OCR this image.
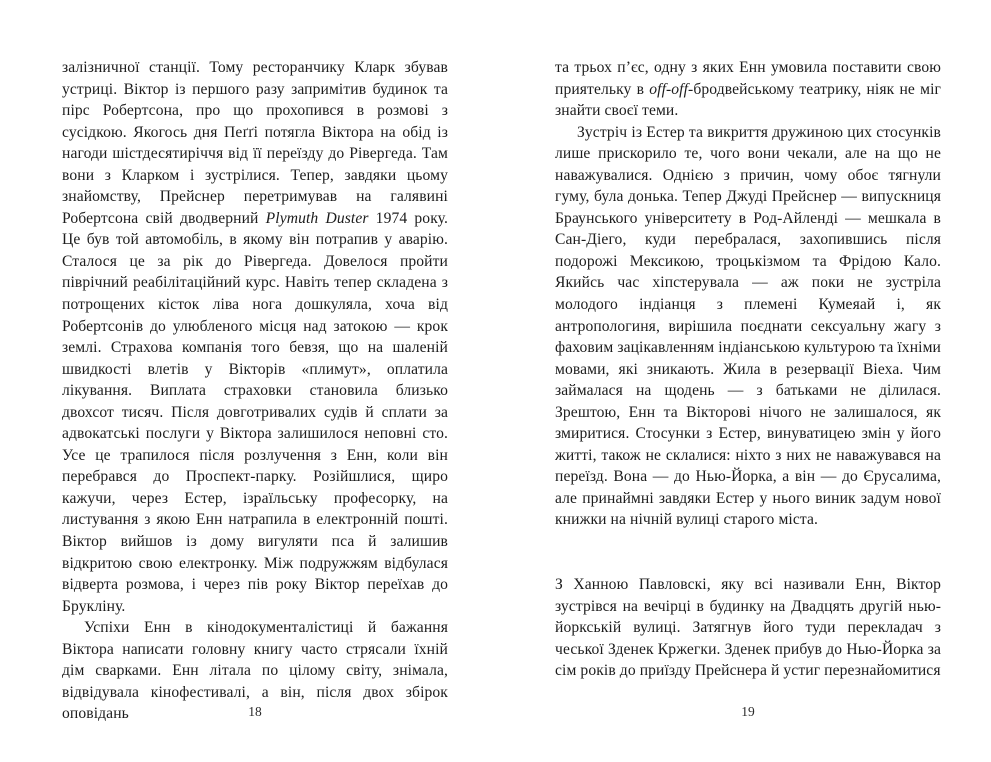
залізничної станції. Тому ресторанчику Кларк збував устриці. Віктор із першого разу запримітив будинок та пірс Робертсона, про що прохопився в розмові з сусідкою. Якогось дня Пеґґі потягла Віктора на обід із нагоди шістдесятиріччя від її переїзду до Рівергеда. Там вони з Кларком і зустрілися. Тепер, завдяки цьому знайомству, Прейснер перетримував на галявині Робертсона свій дводверний Plymuth Duster 1974 року. Це був той автомобіль, в якому він потрапив у аварію. Сталося це за рік до Рівергеда. Довелося пройти піврічний реабілітаційний курс. Навіть тепер складена з потрощених кісток ліва нога дошкуляла, хоча від Робертсонів до улюбленого місця над затокою — крок землі. Страхова компанія того бевзя, що на шаленій швидкості влетів у Вікторів «плимут», оплатила лікування. Виплата страховки становила близько двохсот тисяч. Після довготривалих судів й сплати за адвокатські послуги у Віктора залишилося неповні сто. Усе це трапилося після розлучення з Енн, коли він перебрався до Проспект-парку. Розійшлися, щиро кажучи, через Естер, ізраїльську професорку, на листування з якою Енн натрапила в електронній пошті. Віктор вийшов із дому вигуляти пса й залишив відкритою свою електронку. Між подружжям відбулася відверта розмова, і через пів року Віктор переїхав до Брукліну.

Успіхи Енн в кінодокументалістиці й бажання Віктора написати головну книгу часто стрясали їхній дім сварками. Енн літала по цілому світу, знімала, відвідувала кінофестивалі, а він, після двох збірок оповідань

та трьох п’єс, одну з яких Енн умовила поставити свою приятельку в off-off-бродвейському театрику, ніяк не міг знайти своєї теми.

Зустріч із Естер та викриття дружиною цих стосунків лише прискорило те, чого вони чекали, але на що не наважувалися. Однією з причин, чому обоє тягнули гуму, була донька. Тепер Джуді Прейснер — випускниця Браунського університету в Род-Айленді — мешкала в Сан-Діего, куди перебралася, захопившись після подорожі Мексикою, троцькізмом та Фрідою Кало. Якийсь час хіпстерувала — аж поки не зустріла молодого індіанця з племені Кумеяай і, як антропологиня, вирішила поєднати сексуальну жагу з фаховим зацікавленням індіанською культурою та їхніми мовами, які зникають. Жила в резервації Віеха. Чим займалася на щодень — з батьками не ділилася. Зрештою, Енн та Вікторові нічого не залишалося, як змиритися. Стосунки з Естер, винуватицею змін у його житті, також не склалися: ніхто з них не наважувався на переїзд. Вона — до Нью-Йорка, а він — до Єрусалима, але принаймні завдяки Естер у нього виник задум нової книжки на нічній вулиці старого міста.

З Ханною Павловскі, яку всі називали Енн, Віктор зустрівся на вечірці в будинку на Двадцять другій нью-йоркській вулиці. Затягнув його туди перекладач з чеської Зденек Кржегки. Зденек прибув до Нью-Йорка за сім років до приїзду Прейснера й устиг перезнайомитися

18	19
